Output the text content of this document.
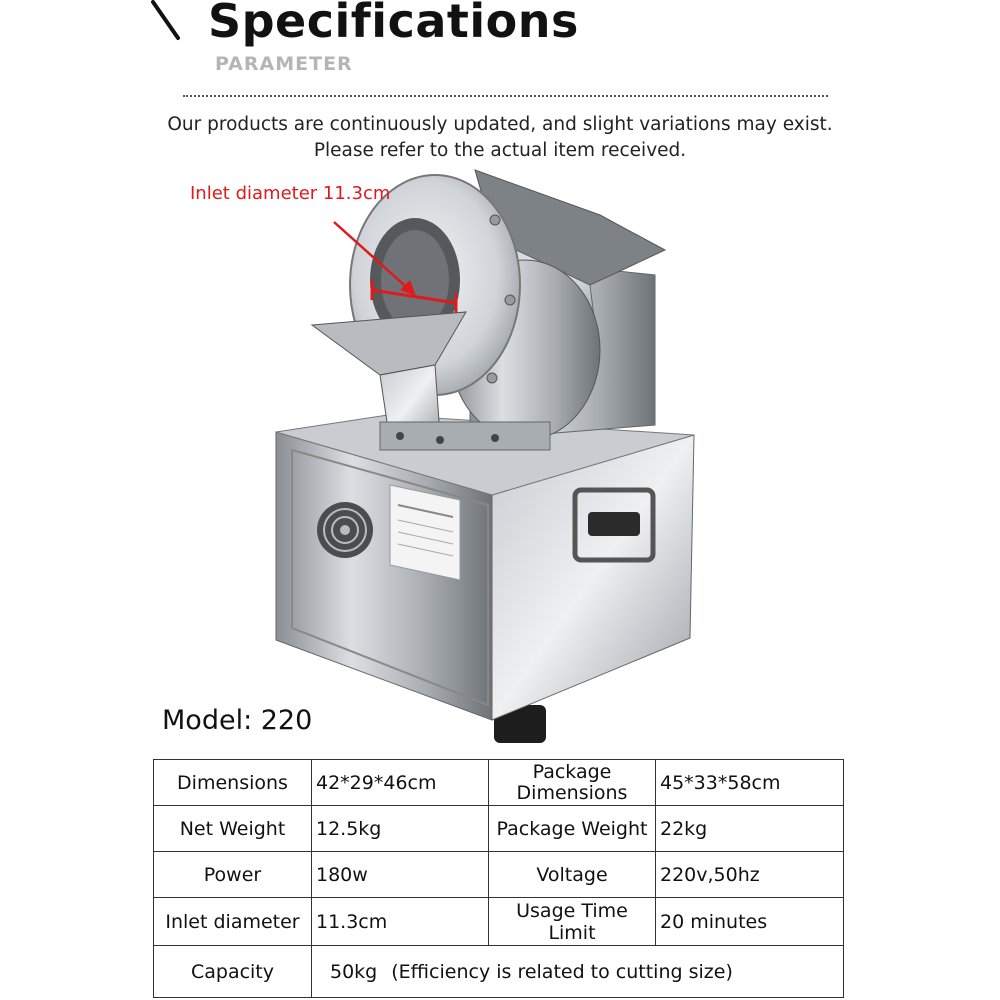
Specifications
PARAMETER
Our products are continuously updated, and slight variations may exist.
Please refer to the actual item received.
Inlet diameter 11.3cm
Model: 220
Dimensions	42*29*46cm	Package Dimensions	45*33*58cm
Net Weight	12.5kg	Package Weight	22kg
Power	180w	Voltage	220v,50hz
Inlet diameter	11.3cm	Usage Time Limit	20 minutes
Capacity	50kg (Efficiency is related to cutting size)		
